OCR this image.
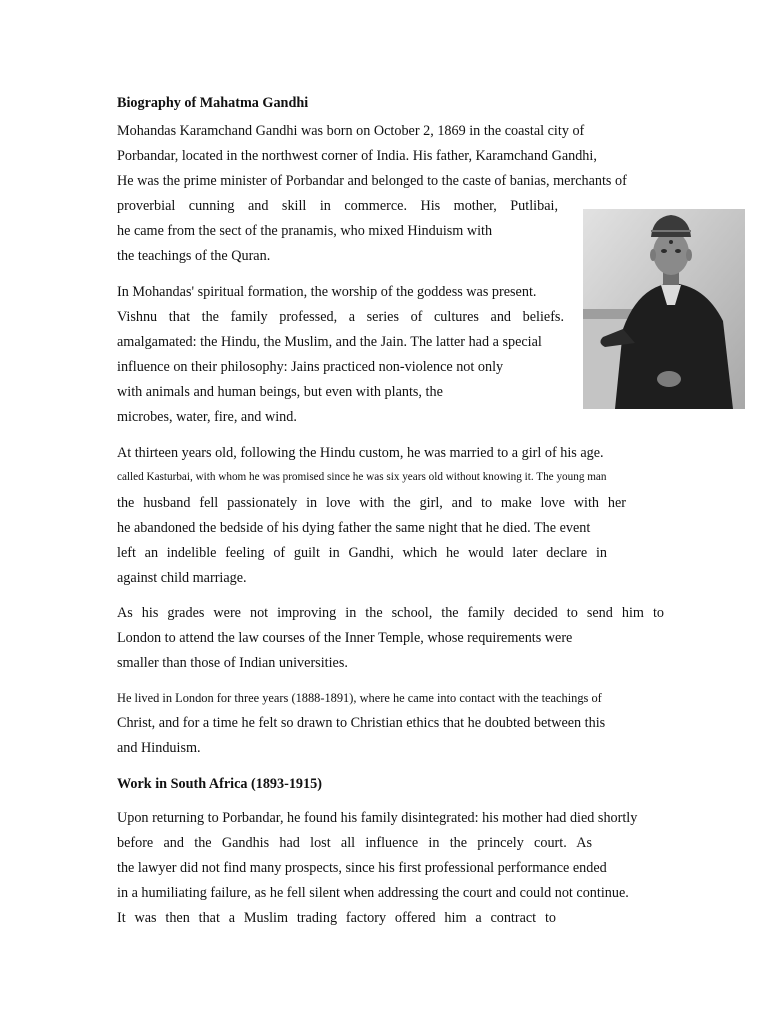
Biography of Mahatma Gandhi
Mohandas Karamchand Gandhi was born on October 2, 1869 in the coastal city of
Porbandar, located in the northwest corner of India. His father, Karamchand Gandhi,
He was the prime minister of Porbandar and belonged to the caste of banias, merchants of
proverbial cunning and skill in commerce. His mother, Putlibai,
he came from the sect of the pranamis, who mixed Hinduism with
the teachings of the Quran.
In Mohandas' spiritual formation, the worship of the goddess was present.
Vishnu that the family professed, a series of cultures and beliefs.
amalgamated: the Hindu, the Muslim, and the Jain. The latter had a special
influence on their philosophy: Jains practiced non-violence not only
with animals and human beings, but even with plants, the
microbes, water, fire, and wind.
At thirteen years old, following the Hindu custom, he was married to a girl of his age.
called Kasturbai, with whom he was promised since he was six years old without knowing it. The young man
the husband fell passionately in love with the girl, and to make love with her
he abandoned the bedside of his dying father the same night that he died. The event
left an indelible feeling of guilt in Gandhi, which he would later declare in
against child marriage.
As his grades were not improving in the school, the family decided to send him to
London to attend the law courses of the Inner Temple, whose requirements were
smaller than those of Indian universities.
He lived in London for three years (1888-1891), where he came into contact with the teachings of
Christ, and for a time he felt so drawn to Christian ethics that he doubted between this
and Hinduism.
Work in South Africa (1893-1915)
Upon returning to Porbandar, he found his family disintegrated: his mother had died shortly
before and the Gandhis had lost all influence in the princely court. As
the lawyer did not find many prospects, since his first professional performance ended
in a humiliating failure, as he fell silent when addressing the court and could not continue.
It was then that a Muslim trading factory offered him a contract to
